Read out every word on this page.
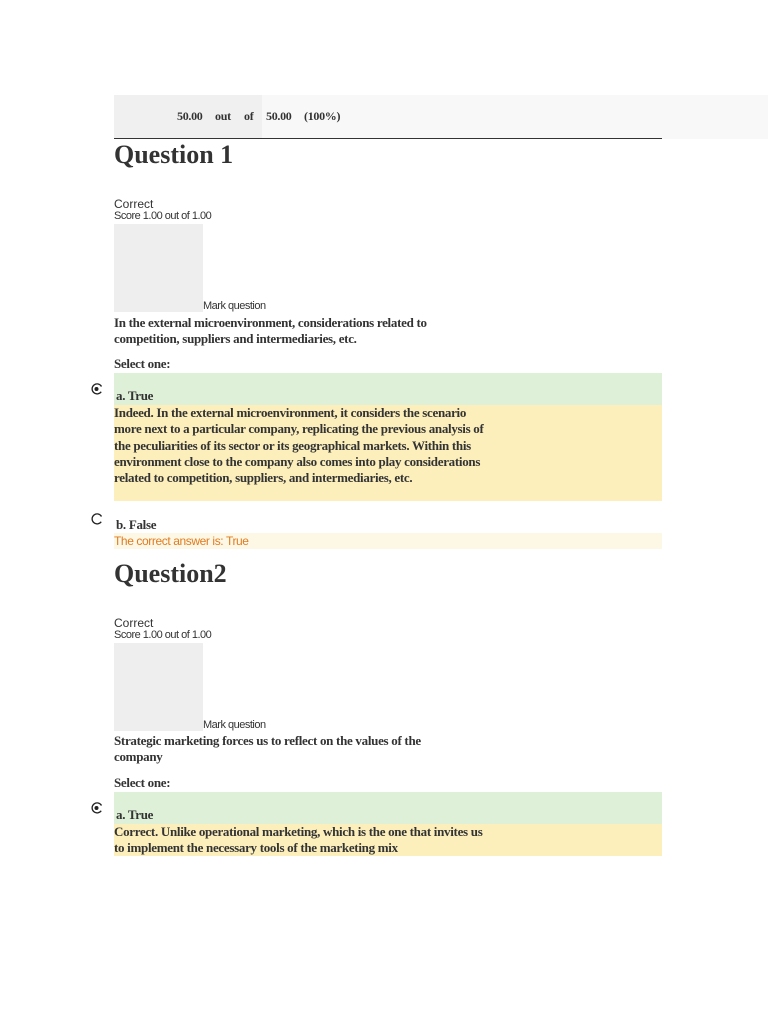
50.00 out of 50.00 (100%)
Question 1
Correct
Score 1.00 out of 1.00
Mark question
In the external microenvironment, considerations related to competition, suppliers and intermediaries, etc.
Select one:
a. True
Indeed. In the external microenvironment, it considers the scenario more next to a particular company, replicating the previous analysis of the peculiarities of its sector or its geographical markets. Within this environment close to the company also comes into play considerations related to competition, suppliers, and intermediaries, etc.
b. False
The correct answer is: True
Question2
Correct
Score 1.00 out of 1.00
Mark question
Strategic marketing forces us to reflect on the values of the company
Select one:
a. True
Correct. Unlike operational marketing, which is the one that invites us to implement the necessary tools of the marketing mix
